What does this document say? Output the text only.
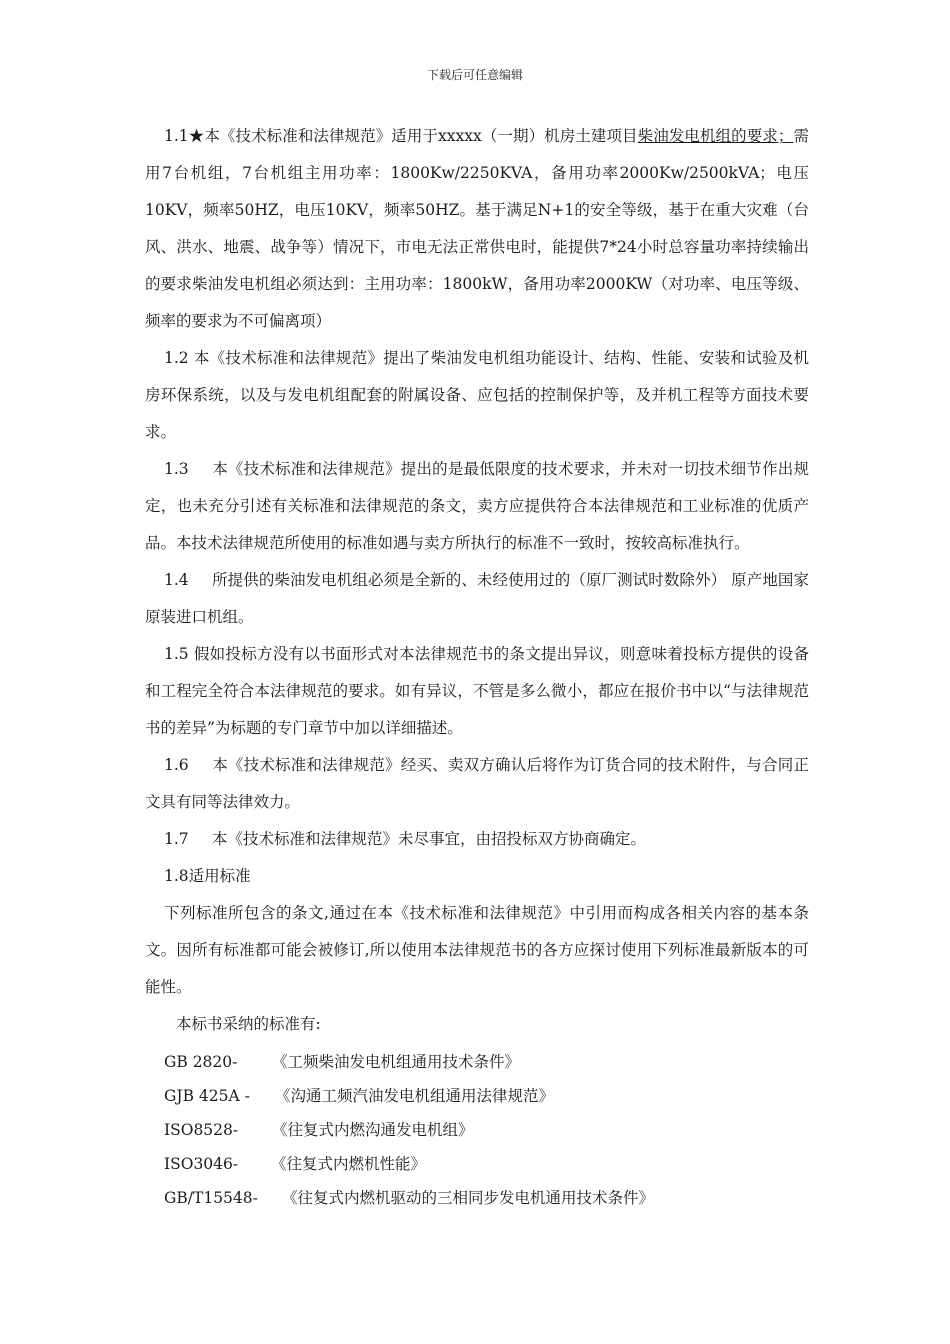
下载后可任意编辑

1.1★本《技术标准和法律规范》适用于xxxxx（一期）机房土建项目柴油发电机组的要求；需用7台机组，7台机组主用功率：1800Kw/2250KVA，备用功率2000Kw/2500kVA；电压10KV，频率50HZ，电压10KV，频率50HZ。基于满足N+1的安全等级，基于在重大灾难（台风、洪水、地震、战争等）情况下，市电无法正常供电时，能提供7*24小时总容量功率持续输出的要求柴油发电机组必须达到：主用功率：1800kW，备用功率2000KW（对功率、电压等级、频率的要求为不可偏离项）

1.2 本《技术标准和法律规范》提出了柴油发电机组功能设计、结构、性能、安装和试验及机房环保系统，以及与发电机组配套的附属设备、应包括的控制保护等，及并机工程等方面技术要求。

1.3 本《技术标准和法律规范》提出的是最低限度的技术要求，并未对一切技术细节作出规定，也未充分引述有关标准和法律规范的条文，卖方应提供符合本法律规范和工业标准的优质产品。本技术法律规范所使用的标准如遇与卖方所执行的标准不一致时，按较高标准执行。

1.4 所提供的柴油发电机组必须是全新的、未经使用过的（原厂测试时数除外） 原产地国家原装进口机组。

1.5 假如投标方没有以书面形式对本法律规范书的条文提出异议，则意味着投标方提供的设备和工程完全符合本法律规范的要求。如有异议，不管是多么微小，都应在报价书中以“与法律规范书的差异”为标题的专门章节中加以详细描述。

1.6 本《技术标准和法律规范》经买、卖双方确认后将作为订货合同的技术附件，与合同正文具有同等法律效力。

1.7 本《技术标准和法律规范》未尽事宜，由招投标双方协商确定。

1.8适用标准

下列标准所包含的条文,通过在本《技术标准和法律规范》中引用而构成各相关内容的基本条文。因所有标准都可能会被修订,所以使用本法律规范书的各方应探讨使用下列标准最新版本的可能性。

本标书采纳的标准有:

GB 2820-	《工频柴油发电机组通用技术条件》
GJB 425A -	《沟通工频汽油发电机组通用法律规范》
ISO8528-	《往复式内燃沟通发电机组》
ISO3046-	《往复式内燃机性能》
GB/T15548-	《往复式内燃机驱动的三相同步发电机通用技术条件》
